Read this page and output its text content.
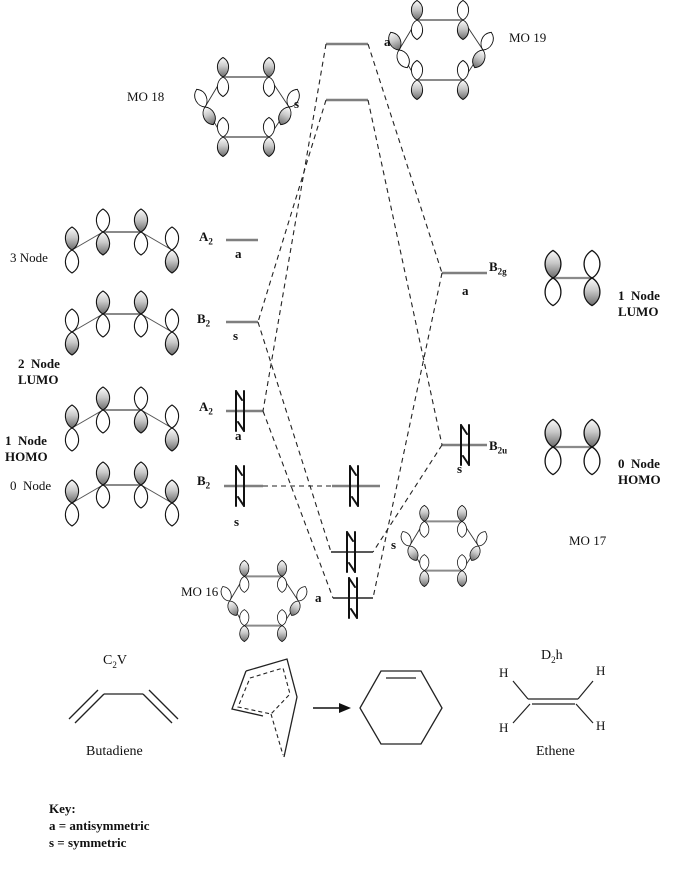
MO 18	s
a	MO 19
MO 16	a
MO 17
s
$A_2$
a
$B_2$
s
$A_2$
a
$B_2$
s
$B_{2g}$
a
$B_{2u}$
s
3 Node

2  Node
LUMO

1  Node
HOMO

0  Node

1  Node
LUMO

0  Node
HOMO

$C_2V$
Butadiene
$D_2h$
Ethene
H	H
H	H
Key:
a = antisymmetric
s = symmetric
